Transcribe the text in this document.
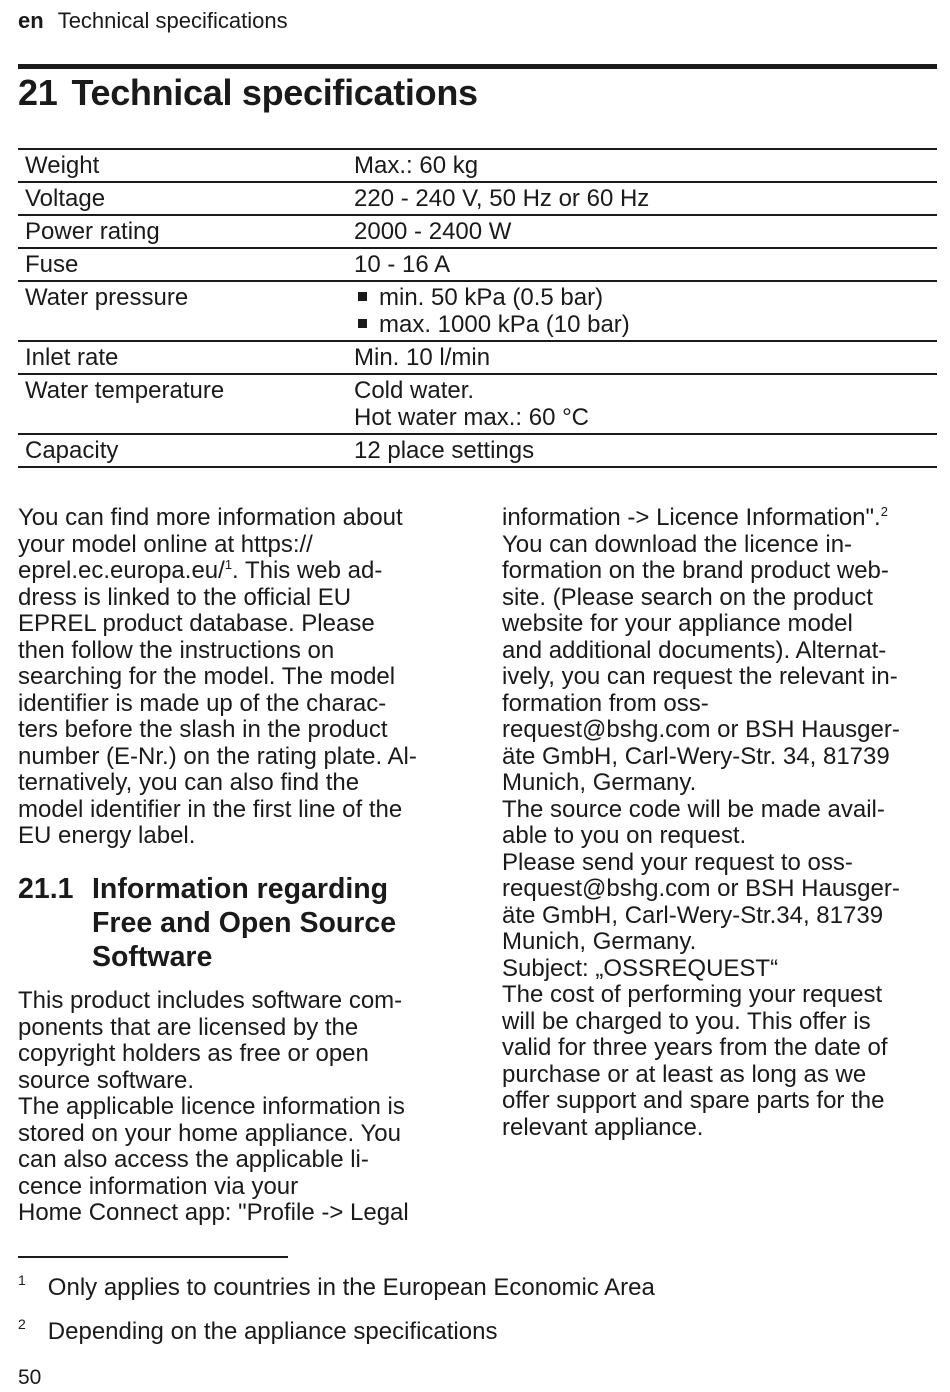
en Technical specifications
21 Technical specifications
Weight	Max.: 60 kg

Voltage	220 - 240 V, 50 Hz or 60 Hz

Power rating	2000 - 2400 W

Fuse	10 - 16 A

Water pressure	min. 50 kPa (0.5 bar)
max. 1000 kPa (10 bar)

Inlet rate	Min. 10 l/min

Water temperature	Cold water.
Hot water max.: 60 °C

Capacity	12 place settings

You can find more information about

your model online at https://

eprel.ec.europa.eu/$^1$. This web ad-

dress is linked to the official EU

EPREL product database. Please

then follow the instructions on

searching for the model. The model

identifier is made up of the charac-

ters before the slash in the product

number (E-Nr.) on the rating plate. Al-

ternatively, you can also find the

model identifier in the first line of the

EU energy label.

21.1 Information regarding
Free and Open Source
Software

This product includes software com-

ponents that are licensed by the

copyright holders as free or open

source software.

The applicable licence information is

stored on your home appliance. You

can also access the applicable li-

cence information via your

Home Connect app: "Profile -> Legal

information -> Licence Information".$^2$

You can download the licence in-

formation on the brand product web-

site. (Please search on the product

website for your appliance model

and additional documents). Alternat-

ively, you can request the relevant in-

formation from oss-

request@bshg.com or BSH Hausger-

äte GmbH, Carl-Wery-Str. 34, 81739

Munich, Germany.

The source code will be made avail-

able to you on request.

Please send your request to oss-

request@bshg.com or BSH Hausger-

äte GmbH, Carl-Wery-Str.34, 81739

Munich, Germany.

Subject: „OSSREQUEST“

The cost of performing your request

will be charged to you. This offer is

valid for three years from the date of

purchase or at least as long as we

offer support and spare parts for the

relevant appliance.

$^1$ Only applies to countries in the European Economic Area
$^2$ Depending on the appliance specifications
50
